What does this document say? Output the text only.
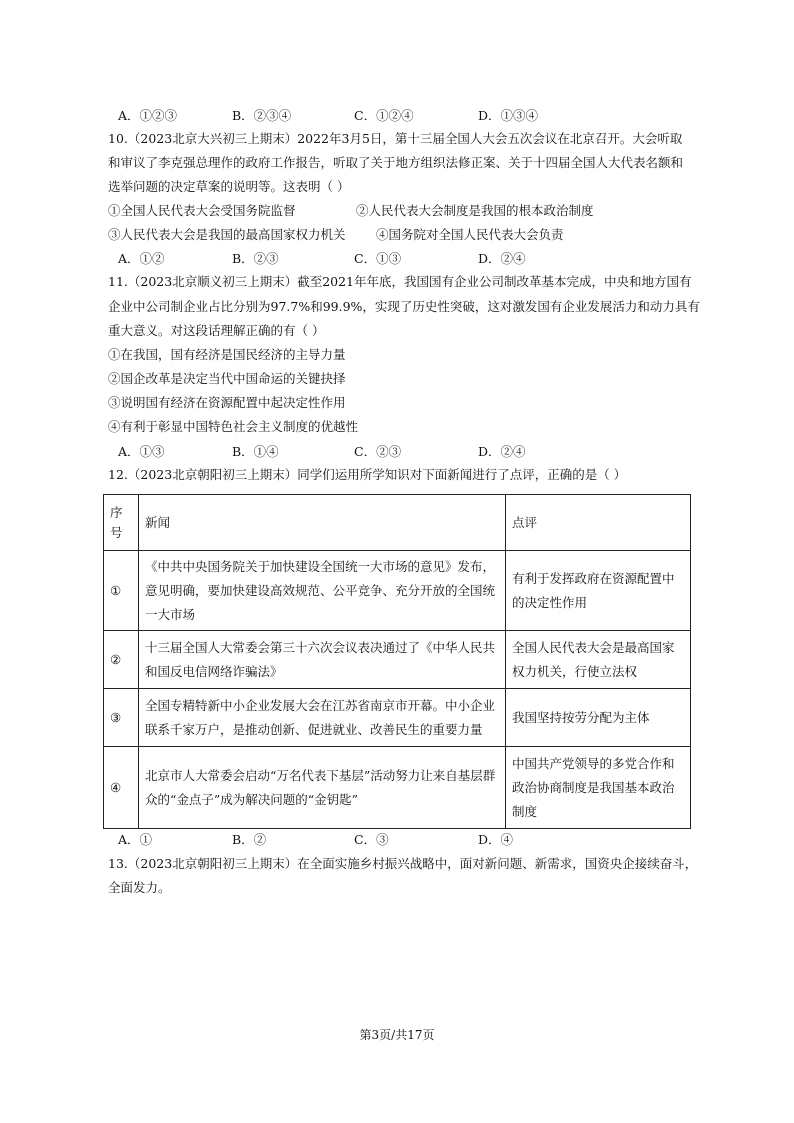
A．①②③	B．②③④	C．①②④	D．①③④
10.（2023北京大兴初三上期末）2022年3月5日，第十三届全国人大会五次会议在北京召开。大会听取
和审议了李克强总理作的政府工作报告，听取了关于地方组织法修正案、关于十四届全国人大代表名额和
选举问题的决定草案的说明等。这表明（ ）
①全国人民代表大会受国务院监督	②人民代表大会制度是我国的根本政治制度
③人民代表大会是我国的最高国家权力机关 ④国务院对全国人民代表大会负责
A．①②	B．②③	C．①③	D．②④
11.（2023北京顺义初三上期末）截至2021年年底，我国国有企业公司制改革基本完成，中央和地方国有
企业中公司制企业占比分别为97.7%和99.9%，实现了历史性突破，这对激发国有企业发展活力和动力具有
重大意义。对这段话理解正确的有（ ）
①在我国，国有经济是国民经济的主导力量
②国企改革是决定当代中国命运的关键抉择
③说明国有经济在资源配置中起决定性作用
④有利于彰显中国特色社会主义制度的优越性
A．①③	B．①④	C．②③	D．②④
12.（2023北京朝阳初三上期末）同学们运用所学知识对下面新闻进行了点评，正确的是（ ）
序号	新闻	点评
①	《中共中央国务院关于加快建设全国统一大市场的意见》发布，意见明确，要加快建设高效规范、公平竞争、充分开放的全国统一大市场	有利于发挥政府在资源配置中的决定性作用
②	十三届全国人大常委会第三十六次会议表决通过了《中华人民共和国反电信网络诈骗法》	全国人民代表大会是最高国家权力机关，行使立法权
③	全国专精特新中小企业发展大会在江苏省南京市开幕。中小企业联系千家万户，是推动创新、促进就业、改善民生的重要力量	我国坚持按劳分配为主体
④	北京市人大常委会启动“万名代表下基层”活动努力让来自基层群众的“金点子”成为解决问题的“金钥匙”	中国共产党领导的多党合作和政治协商制度是我国基本政治制度
A．①	B．②	C．③	D．④
13.（2023北京朝阳初三上期末）在全面实施乡村振兴战略中，面对新问题、新需求，国资央企接续奋斗，
全面发力。
第3页/共17页
